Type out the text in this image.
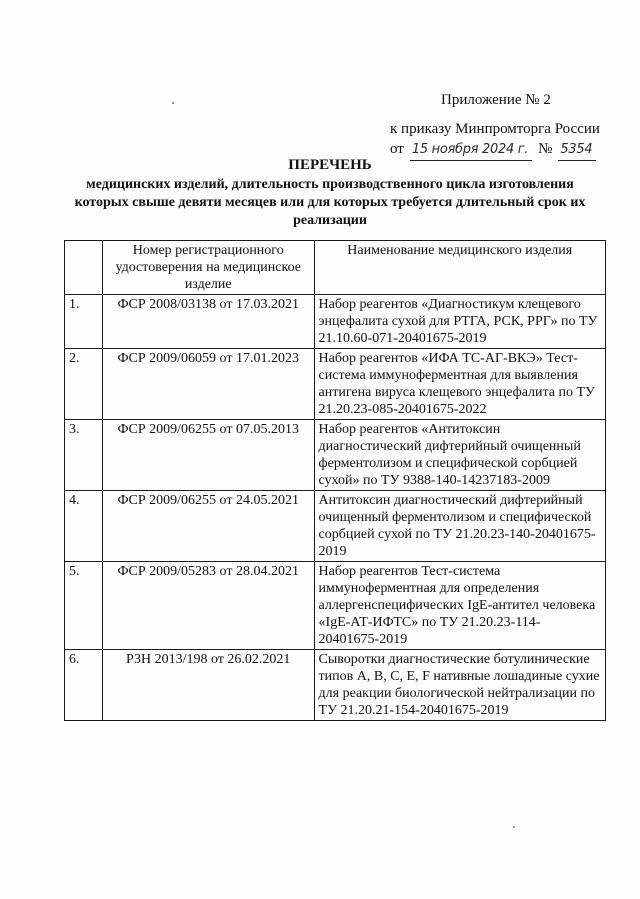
Приложение № 2
к приказу Минпромторга России
от 15 ноября 2024 г. № 5354
ПЕРЕЧЕНЬ
медицинских изделий, длительность производственного цикла изготовления которых свыше девяти месяцев или для которых требуется длительный срок их реализации
	Номер регистрационного удостоверения на медицинское изделие	Наименование медицинского изделия
1.	ФСР 2008/03138 от 17.03.2021	Набор реагентов «Диагностикум клещевого энцефалита сухой для РТГА, РСК, РРГ» по ТУ 21.10.60-071-20401675-2019
2.	ФСР 2009/06059 от 17.01.2023	Набор реагентов «ИФА ТС-АГ-ВКЭ» Тест-система иммуноферментная для выявления антигена вируса клещевого энцефалита по ТУ 21.20.23-085-20401675-2022
3.	ФСР 2009/06255 от 07.05.2013	Набор реагентов «Антитоксин диагностический дифтерийный очищенный ферментолизом и специфической сорбцией сухой» по ТУ 9388-140-14237183-2009
4.	ФСР 2009/06255 от 24.05.2021	Антитоксин диагностический дифтерийный очищенный ферментолизом и специфической сорбцией сухой по ТУ 21.20.23-140-20401675-2019
5.	ФСР 2009/05283 от 28.04.2021	Набор реагентов Тест-система иммуноферментная для определения аллергенспецифических IgE-антител человека «IgE-АТ-ИФТС» по ТУ 21.20.23-114-20401675-2019
6.	РЗН 2013/198 от 26.02.2021	Сыворотки диагностические ботулинические типов А, В, С, Е, F нативные лошадиные сухие для реакции биологической нейтрализации по ТУ 21.20.21-154-20401675-2019
